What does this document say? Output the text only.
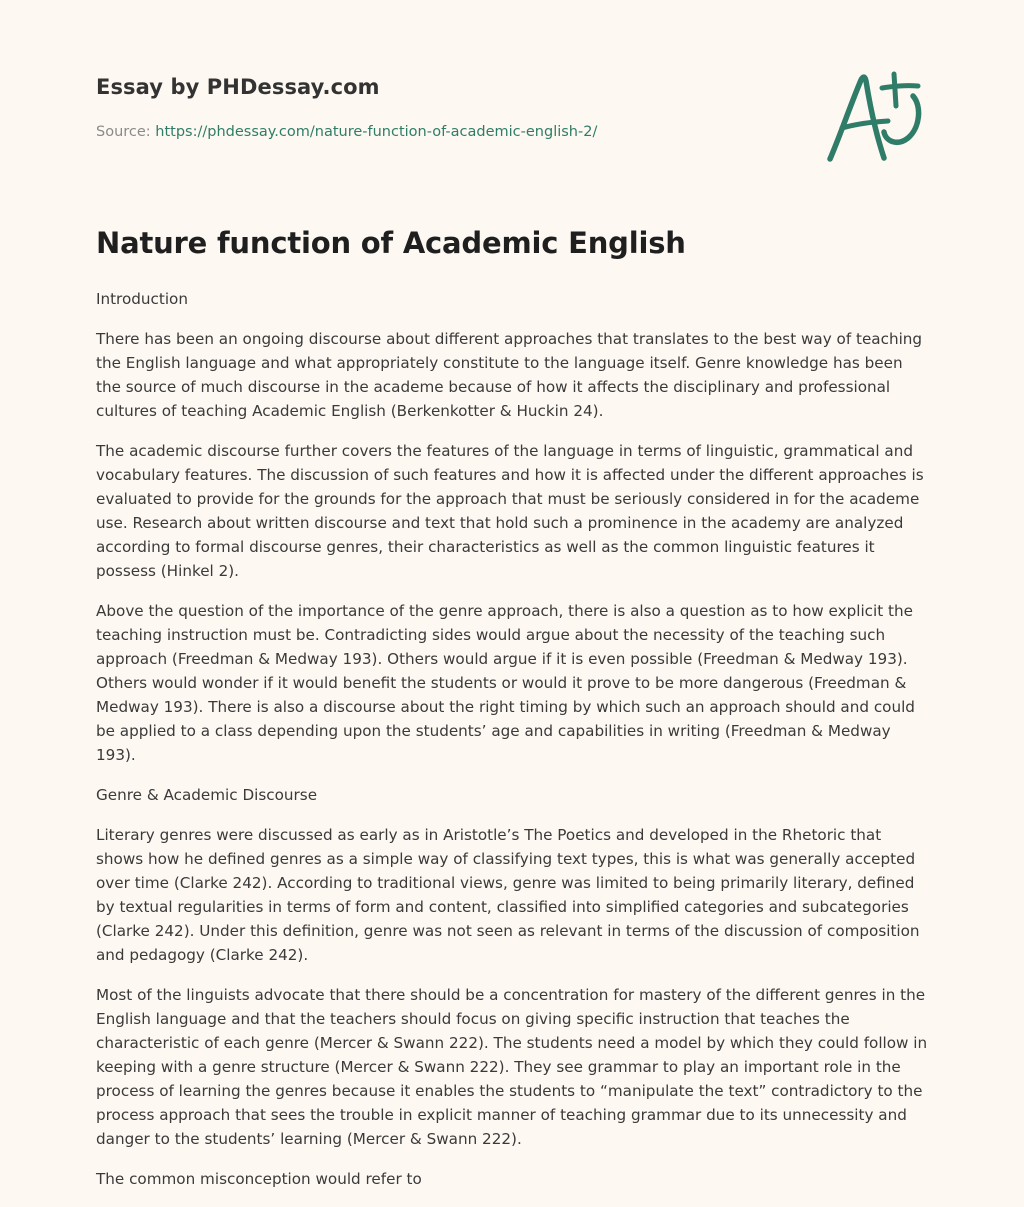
Essay by PHDessay.com
Source: https://phdessay.com/nature-function-of-academic-english-2/
Nature function of Academic English

Introduction

There has been an ongoing discourse about different approaches that translates to the best way of teaching the English language and what appropriately constitute to the language itself. Genre knowledge has been the source of much discourse in the academe because of how it affects the disciplinary and professional cultures of teaching Academic English (Berkenkotter & Huckin 24).

The academic discourse further covers the features of the language in terms of linguistic, grammatical and vocabulary features. The discussion of such features and how it is affected under the different approaches is evaluated to provide for the grounds for the approach that must be seriously considered in for the academe use. Research about written discourse and text that hold such a prominence in the academy are analyzed according to formal discourse genres, their characteristics as well as the common linguistic features it possess (Hinkel 2).

Above the question of the importance of the genre approach, there is also a question as to how explicit the teaching instruction must be. Contradicting sides would argue about the necessity of the teaching such approach (Freedman & Medway 193). Others would argue if it is even possible (Freedman & Medway 193). Others would wonder if it would benefit the students or would it prove to be more dangerous (Freedman & Medway 193). There is also a discourse about the right timing by which such an approach should and could be applied to a class depending upon the students’ age and capabilities in writing (Freedman & Medway 193).

Genre & Academic Discourse

Literary genres were discussed as early as in Aristotle’s The Poetics and developed in the Rhetoric that shows how he defined genres as a simple way of classifying text types, this is what was generally accepted over time (Clarke 242). According to traditional views, genre was limited to being primarily literary, defined by textual regularities in terms of form and content, classified into simplified categories and subcategories (Clarke 242). Under this definition, genre was not seen as relevant in terms of the discussion of composition and pedagogy (Clarke 242).

Most of the linguists advocate that there should be a concentration for mastery of the different genres in the English language and that the teachers should focus on giving specific instruction that teaches the characteristic of each genre (Mercer & Swann 222). The students need a model by which they could follow in keeping with a genre structure (Mercer & Swann 222). They see grammar to play an important role in the process of learning the genres because it enables the students to “manipulate the text” contradictory to the process approach that sees the trouble in explicit manner of teaching grammar due to its unnecessity and danger to the students’ learning (Mercer & Swann 222).

The common misconception would refer to
